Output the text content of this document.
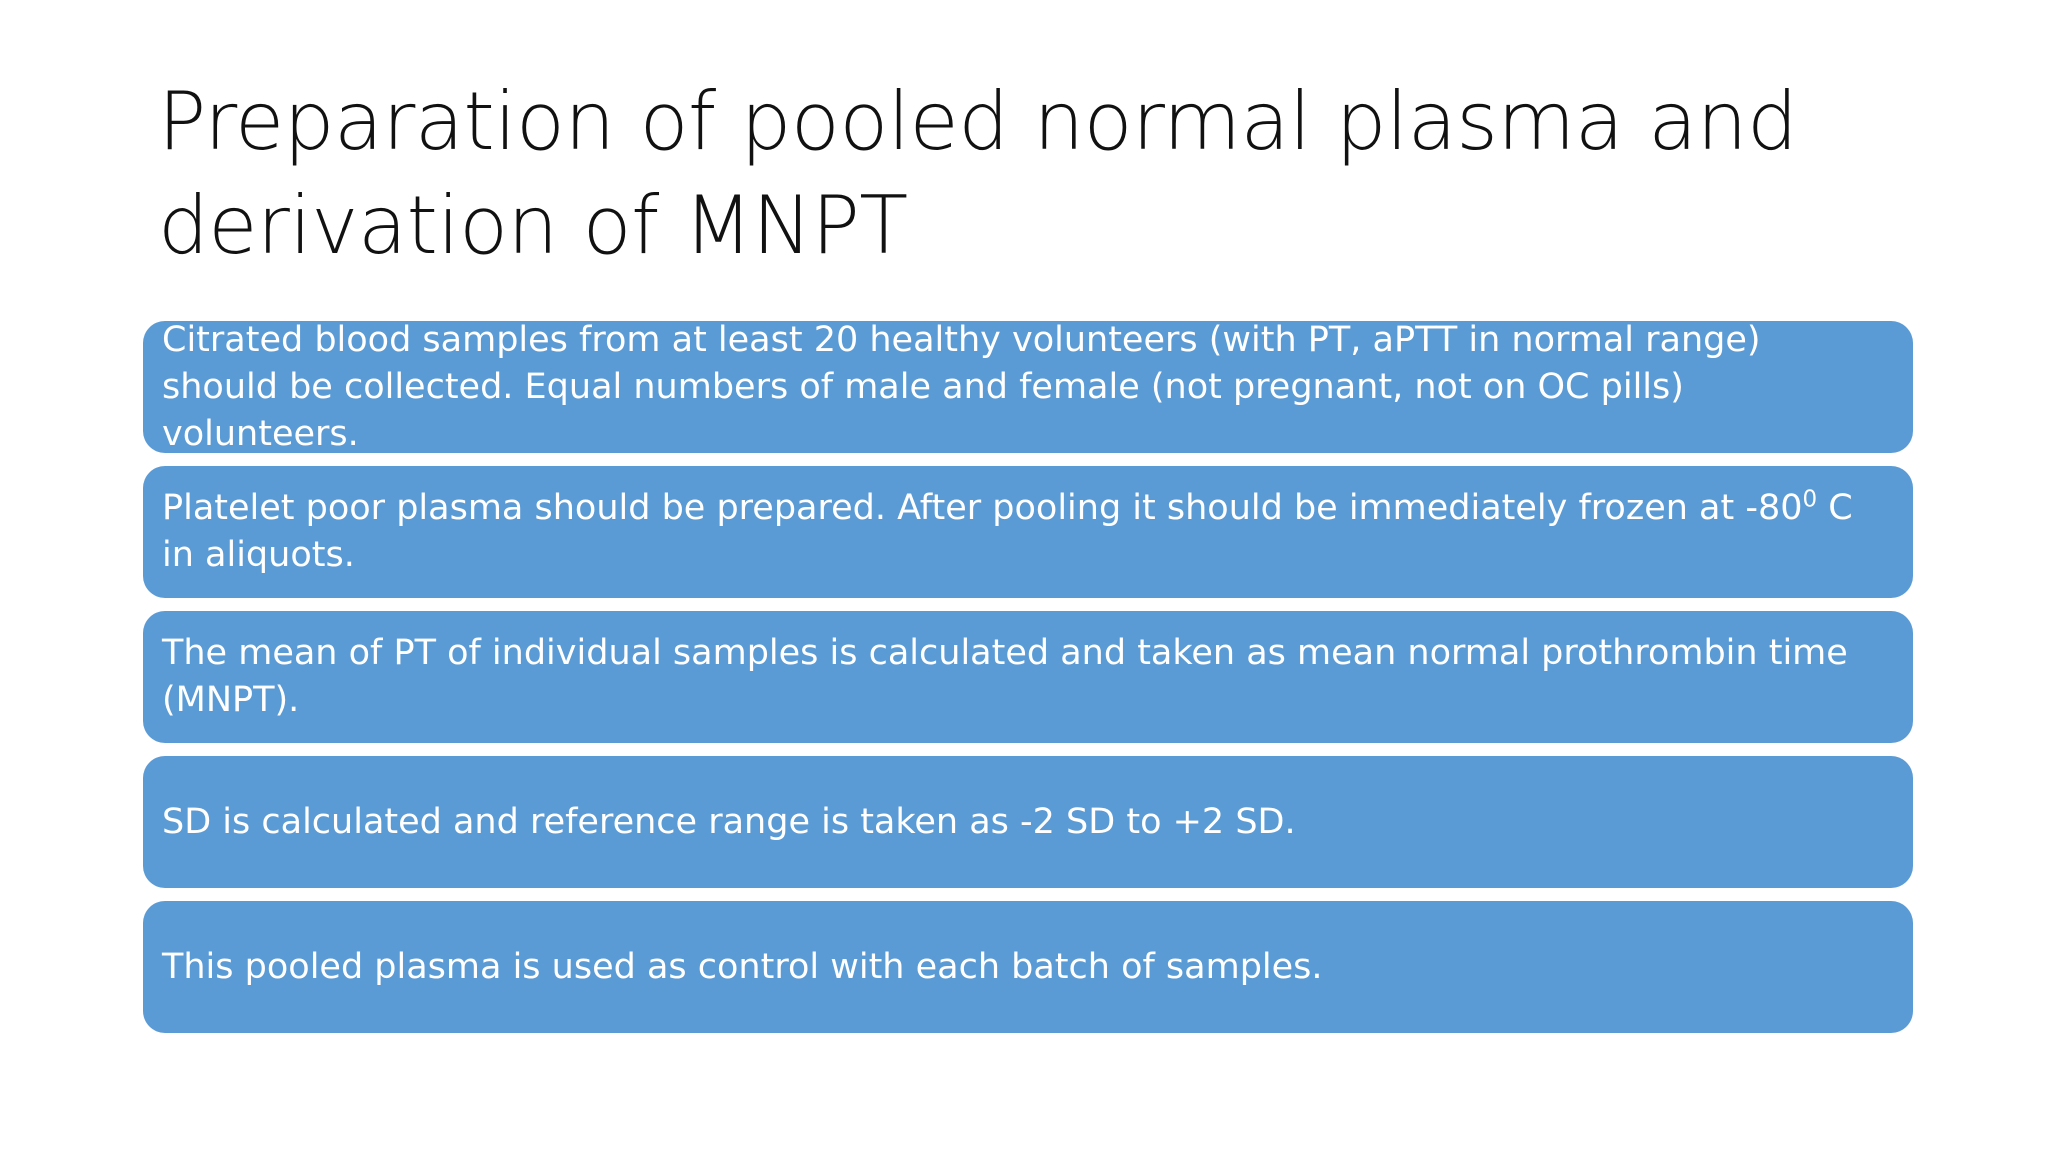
Preparation of pooled normal plasma and derivation of MNPT
Citrated blood samples from at least 20 healthy volunteers (with PT, aPTT in normal range) should be collected. Equal numbers of male and female (not pregnant, not on OC pills) volunteers.
Platelet poor plasma should be prepared. After pooling it should be immediately frozen at $-80^0$ C in aliquots.
The mean of PT of individual samples is calculated and taken as mean normal prothrombin time (MNPT).
SD is calculated and reference range is taken as -2 SD to +2 SD.
This pooled plasma is used as control with each batch of samples.
